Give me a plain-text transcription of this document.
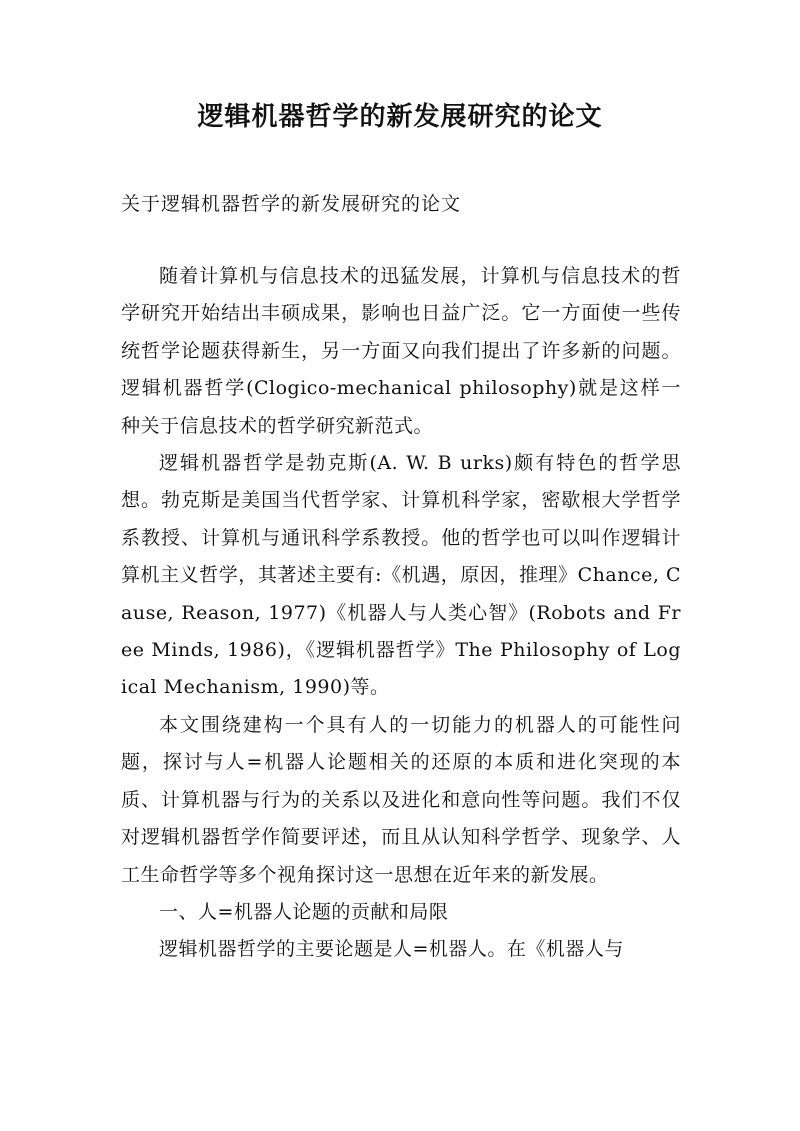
逻辑机器哲学的新发展研究的论文
关于逻辑机器哲学的新发展研究的论文

随着计算机与信息技术的迅猛发展，计算机与信息技术的哲学研究开始结出丰硕成果，影响也日益广泛。它一方面使一些传统哲学论题获得新生，另一方面又向我们提出了许多新的问题。逻辑机器哲学(Clogico-mechanical philosophy)就是这样一种关于信息技术的哲学研究新范式。

逻辑机器哲学是勃克斯(A. W. B urks)颇有特色的哲学思想。勃克斯是美国当代哲学家、计算机科学家，密歇根大学哲学系教授、计算机与通讯科学系教授。他的哲学也可以叫作逻辑计算机主义哲学，其著述主要有:《机遇，原因，推理》Chance, Cause, Reason, 1977)《机器人与人类心智》(Robots and Free Minds, 1986)，《逻辑机器哲学》The Philosophy of Logical Mechanism, 1990)等。

本文围绕建构一个具有人的一切能力的机器人的可能性问题，探讨与人=机器人论题相关的还原的本质和进化突现的本质、计算机器与行为的关系以及进化和意向性等问题。我们不仅对逻辑机器哲学作简要评述，而且从认知科学哲学、现象学、人工生命哲学等多个视角探讨这一思想在近年来的新发展。

一、人=机器人论题的贡献和局限

逻辑机器哲学的主要论题是人=机器人。在《机器人与
